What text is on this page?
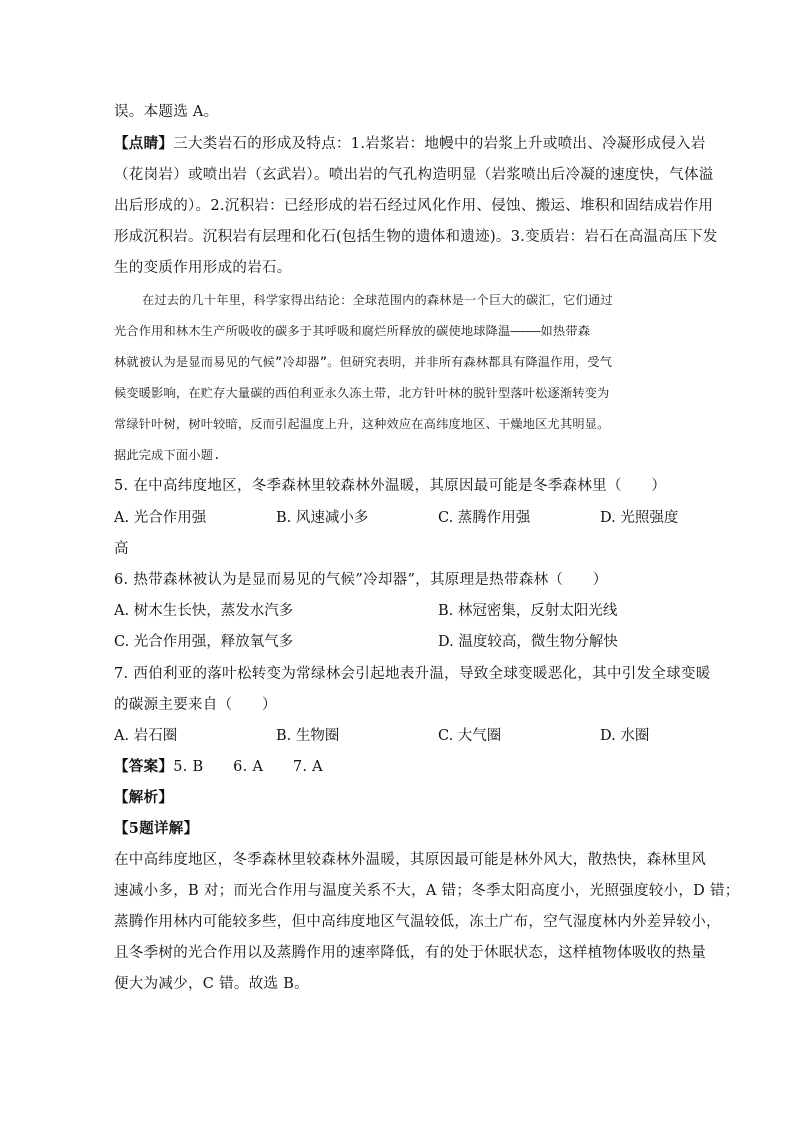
误。本题选 A。
【点睛】三大类岩石的形成及特点：1.岩浆岩：地幔中的岩浆上升或喷出、冷凝形成侵入岩
（花岗岩）或喷出岩（玄武岩）。喷出岩的气孔构造明显（岩浆喷出后冷凝的速度快，气体溢
出后形成的）。2.沉积岩：已经形成的岩石经过风化作用、侵蚀、搬运、堆积和固结成岩作用
形成沉积岩。沉积岩有层理和化石(包括生物的遗体和遗迹)。3.变质岩：岩石在高温高压下发
生的变质作用形成的岩石。
在过去的几十年里，科学家得出结论：全球范围内的森林是一个巨大的碳汇，它们通过
光合作用和林木生产所吸收的碳多于其呼吸和腐烂所释放的碳使地球降温————如热带森
林就被认为是显而易见的气候”冷却器”。但研究表明，并非所有森林都具有降温作用，受气
候变暖影响，在贮存大量碳的西伯利亚永久冻土带，北方针叶林的脱针型落叶松逐渐转变为
常绿针叶树，树叶较暗，反而引起温度上升，这种效应在高纬度地区、干燥地区尤其明显。
据此完成下面小题.
5. 在中高纬度地区，冬季森林里较森林外温暖，其原因最可能是冬季森林里（　　）
A. 光合作用强	B. 风速减小多	C. 蒸腾作用强	D. 光照强度
高
6. 热带森林被认为是显而易见的气候”冷却器”，其原理是热带森林（　　）
A. 树木生长快，蒸发水汽多	B. 林冠密集，反射太阳光线
C. 光合作用强，释放氧气多	D. 温度较高，微生物分解快
7. 西伯利亚的落叶松转变为常绿林会引起地表升温，导致全球变暖恶化，其中引发全球变暖
的碳源主要来自（　　）
A. 岩石圈	B. 生物圈	C. 大气圈	D. 水圈
【答案】5. B　　6. A　　7. A
【解析】
【5题详解】
在中高纬度地区，冬季森林里较森林外温暖，其原因最可能是林外风大，散热快，森林里风
速减小多，B 对；而光合作用与温度关系不大，A 错；冬季太阳高度小，光照强度较小，D 错；
蒸腾作用林内可能较多些，但中高纬度地区气温较低，冻土广布，空气湿度林内外差异较小，
且冬季树的光合作用以及蒸腾作用的速率降低，有的处于休眠状态，这样植物体吸收的热量
便大为减少，C 错。故选 B。
